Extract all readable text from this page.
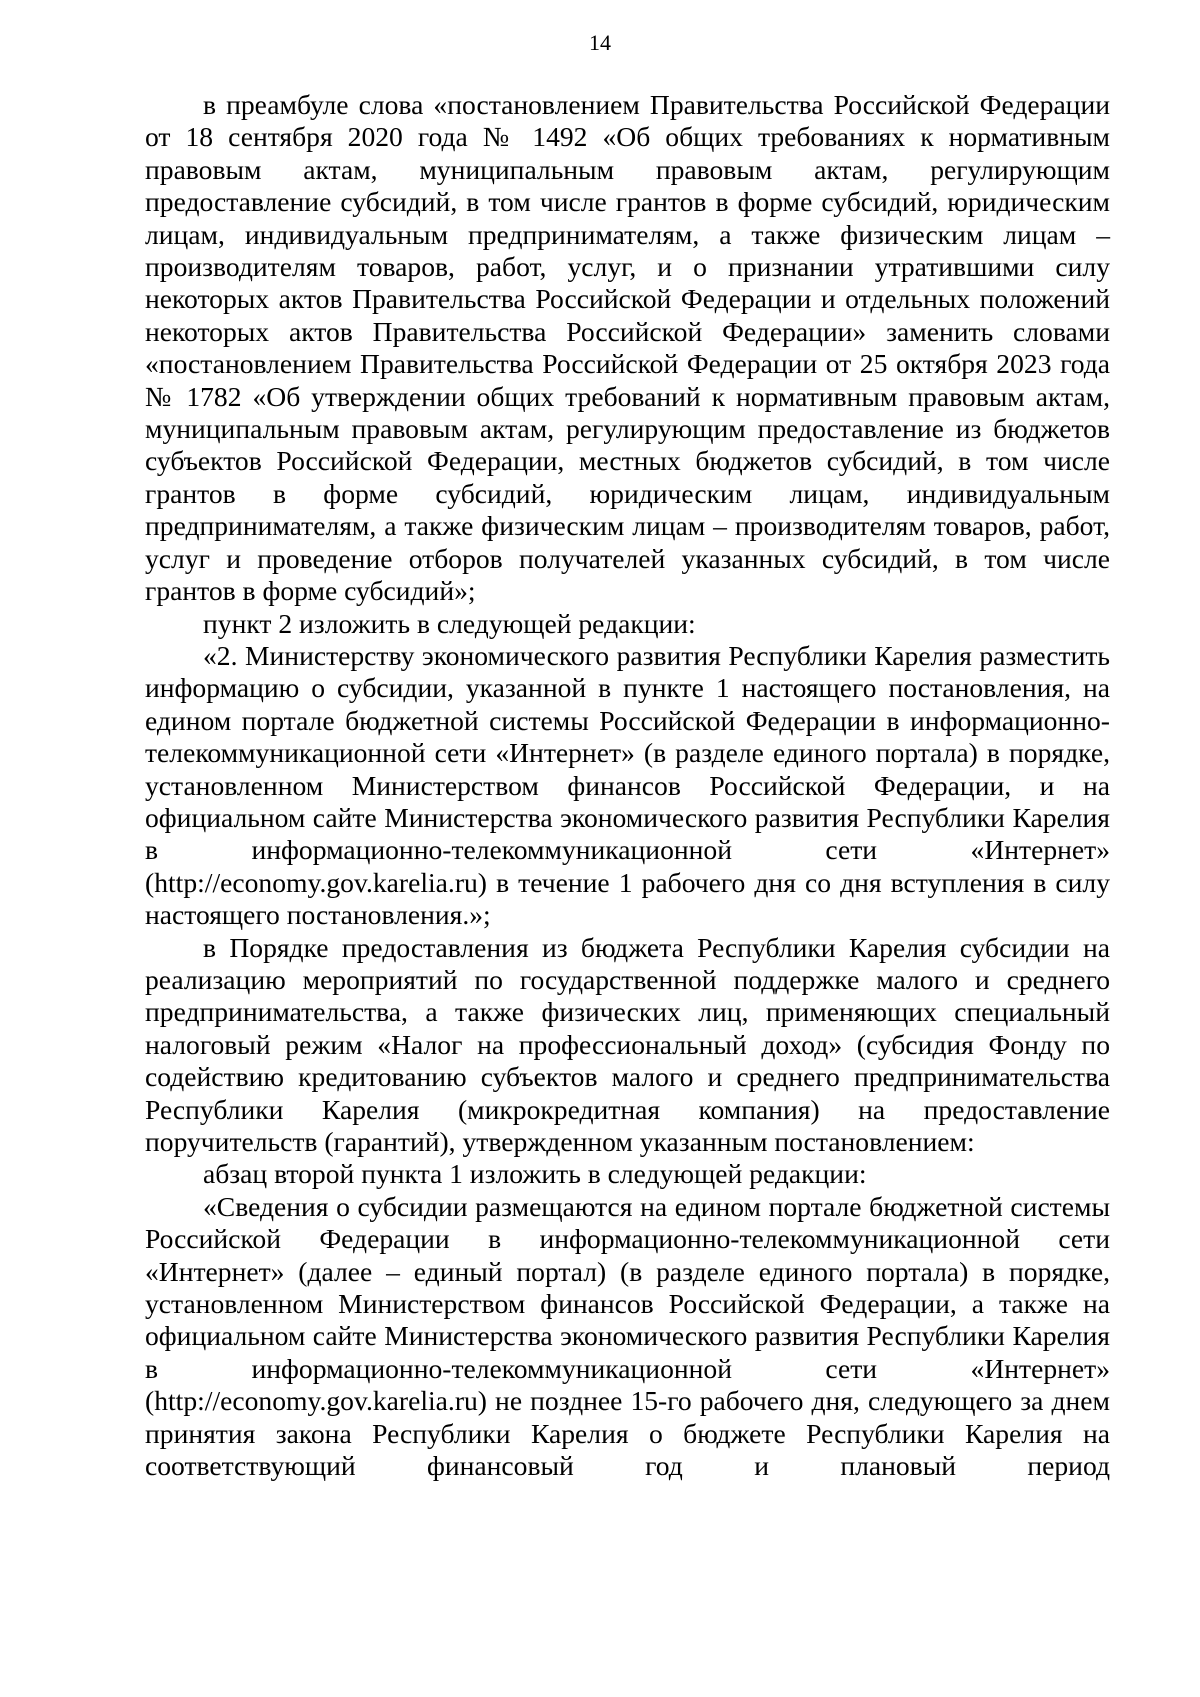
14

в преамбуле слова «постановлением Правительства Российской Федерации от 18 сентября 2020 года № 1492 «Об общих требованиях к нормативным правовым актам, муниципальным правовым актам, регулирующим предоставление субсидий, в том числе грантов в форме субсидий, юридическим лицам, индивидуальным предпринимателям, а также физическим лицам – производителям товаров, работ, услуг, и о признании утратившими силу некоторых актов Правительства Российской Федерации и отдельных положений некоторых актов Правительства Российской Федерации» заменить словами «постановлением Правительства Российской Федерации от 25 октября 2023 года № 1782 «Об утверждении общих требований к нормативным правовым актам, муниципальным правовым актам, регулирующим предоставление из бюджетов субъектов Российской Федерации, местных бюджетов субсидий, в том числе грантов в форме субсидий, юридическим лицам, индивидуальным предпринимателям, а также физическим лицам – производителям товаров, работ, услуг и проведение отборов получателей указанных субсидий, в том числе грантов в форме субсидий»;

пункт 2 изложить в следующей редакции:

«2. Министерству экономического развития Республики Карелия разместить информацию о субсидии, указанной в пункте 1 настоящего постановления, на едином портале бюджетной системы Российской Федерации в информационно-телекоммуникационной сети «Интернет» (в разделе единого портала) в порядке, установленном Министерством финансов Российской Федерации, и на официальном сайте Министерства экономического развития Республики Карелия в информационно-телекоммуникационной сети «Интернет» (http://economy.gov.karelia.ru) в течение 1 рабочего дня со дня вступления в силу настоящего постановления.»;

в Порядке предоставления из бюджета Республики Карелия субсидии на реализацию мероприятий по государственной поддержке малого и среднего предпринимательства, а также физических лиц, применяющих специальный налоговый режим «Налог на профессиональный доход» (субсидия Фонду по содействию кредитованию субъектов малого и среднего предпринимательства Республики Карелия (микрокредитная компания) на предоставление поручительств (гарантий), утвержденном указанным постановлением:

абзац второй пункта 1 изложить в следующей редакции:

«Сведения о субсидии размещаются на едином портале бюджетной системы Российской Федерации в информационно-телекоммуникационной сети «Интернет» (далее – единый портал) (в разделе единого портала) в порядке, установленном Министерством финансов Российской Федерации, а также на официальном сайте Министерства экономического развития Республики Карелия в информационно-телекоммуникационной сети «Интернет» (http://economy.gov.karelia.ru) не позднее 15-го рабочего дня, следующего за днем принятия закона Республики Карелия о бюджете Республики Карелия на соответствующий финансовый год и плановый период
